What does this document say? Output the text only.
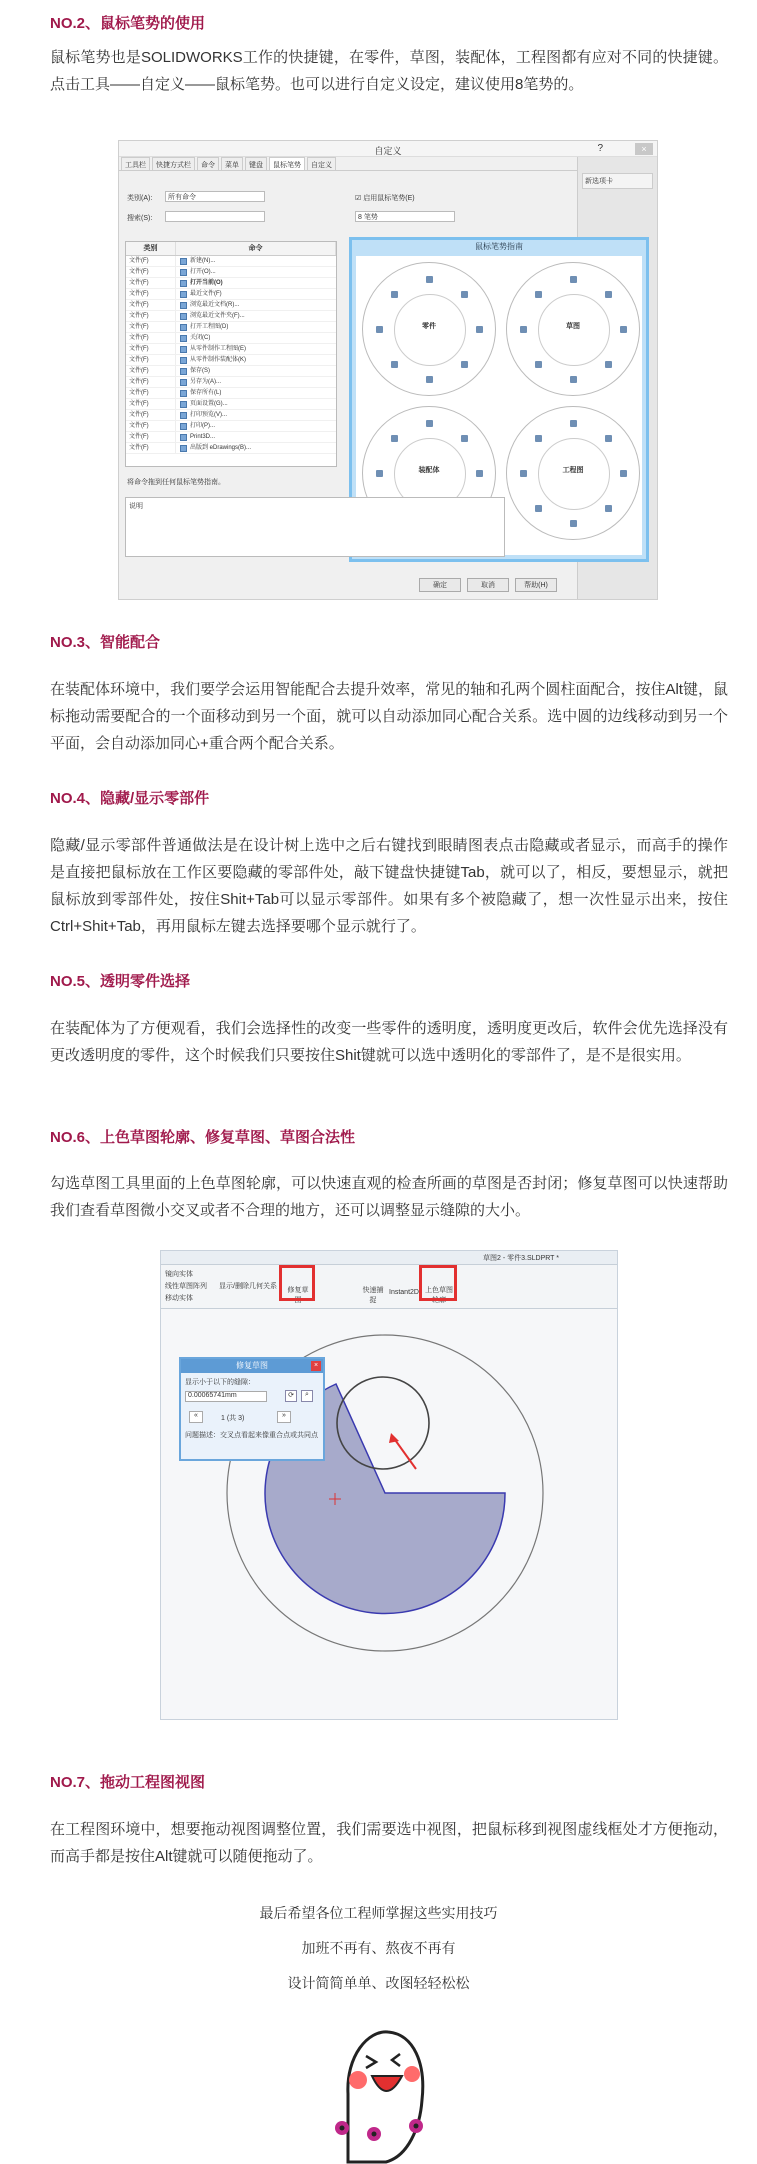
NO.2、鼠标笔势的使用
鼠标笔势也是SOLIDWORKS工作的快捷键，在零件，草图，装配体，工程图都有应对不同的快捷键。点击工具——自定义——鼠标笔势。也可以进行自定义设定，建议使用8笔势的。
自定义	?	×
工具栏	快捷方式栏	命令	菜单	键盘	鼠标笔势	自定义
新选项卡
类别(A):	所有命令
搜索(S):
☑ 启用鼠标笔势(E)
8 笔势
类别	命令
文件(F)	新建(N)...
文件(F)	打开(O)...
文件(F)	打开当前(O)
文件(F)	最近文件(F)
文件(F)	浏览最近文档(R)...
文件(F)	浏览最近文件夹(F)...
文件(F)	打开工程图(D)
文件(F)	关闭(C)
文件(F)	从零件制作工程图(E)
文件(F)	从零件制作装配体(K)
文件(F)	保存(S)
文件(F)	另存为(A)...
文件(F)	保存所有(L)
文件(F)	页面设置(G)...
文件(F)	打印预览(V)...
文件(F)	打印(P)...
文件(F)	Print3D...
文件(F)	出版到 eDrawings(B)...
鼠标笔势指南
零件	草图
装配体	工程图
将命令拖到任何鼠标笔势指南。
说明
确定	取消	帮助(H)
NO.3、智能配合
在装配体环境中，我们要学会运用智能配合去提升效率，常见的轴和孔两个圆柱面配合，按住Alt键，鼠标拖动需要配合的一个面移动到另一个面，就可以自动添加同心配合关系。选中圆的边线移动到另一个平面，会自动添加同心+重合两个配合关系。
NO.4、隐藏/显示零部件
隐藏/显示零部件普通做法是在设计树上选中之后右键找到眼睛图表点击隐藏或者显示，而高手的操作是直接把鼠标放在工作区要隐藏的零部件处，敲下键盘快捷键Tab，就可以了，相反，要想显示，就把鼠标放到零部件处，按住Shit+Tab可以显示零部件。如果有多个被隐藏了，想一次性显示出来，按住Ctrl+Shit+Tab，再用鼠标左键去选择要哪个显示就行了。
NO.5、透明零件选择
在装配体为了方便观看，我们会选择性的改变一些零件的透明度，透明度更改后，软件会优先选择没有更改透明度的零件，这个时候我们只要按住Shit键就可以选中透明化的零部件了，是不是很实用。
NO.6、上色草图轮廓、修复草图、草图合法性
勾选草图工具里面的上色草图轮廓，可以快速直观的检查所画的草图是否封闭；修复草图可以快速帮助我们查看草图微小交叉或者不合理的地方，还可以调整显示缝隙的大小。
草图2 - 零件3.SLDPRT *
镜向实体
线性草图阵列
移动实体
显示/删除几何关系
修复草图
快速捕捉
Instant2D 上色草图轮廓
修复草图	×
显示小于以下的缝隙：
0.00065741mm	⟳	⌕
«	1 (共 3)	»
问题描述：交叉点看起来像重合点或共同点
NO.7、拖动工程图视图
在工程图环境中，想要拖动视图调整位置，我们需要选中视图，把鼠标移到视图虚线框处才方便拖动，而高手都是按住Alt键就可以随便拖动了。
最后希望各位工程师掌握这些实用技巧
加班不再有、熬夜不再有
设计简简单单、改图轻轻松松
